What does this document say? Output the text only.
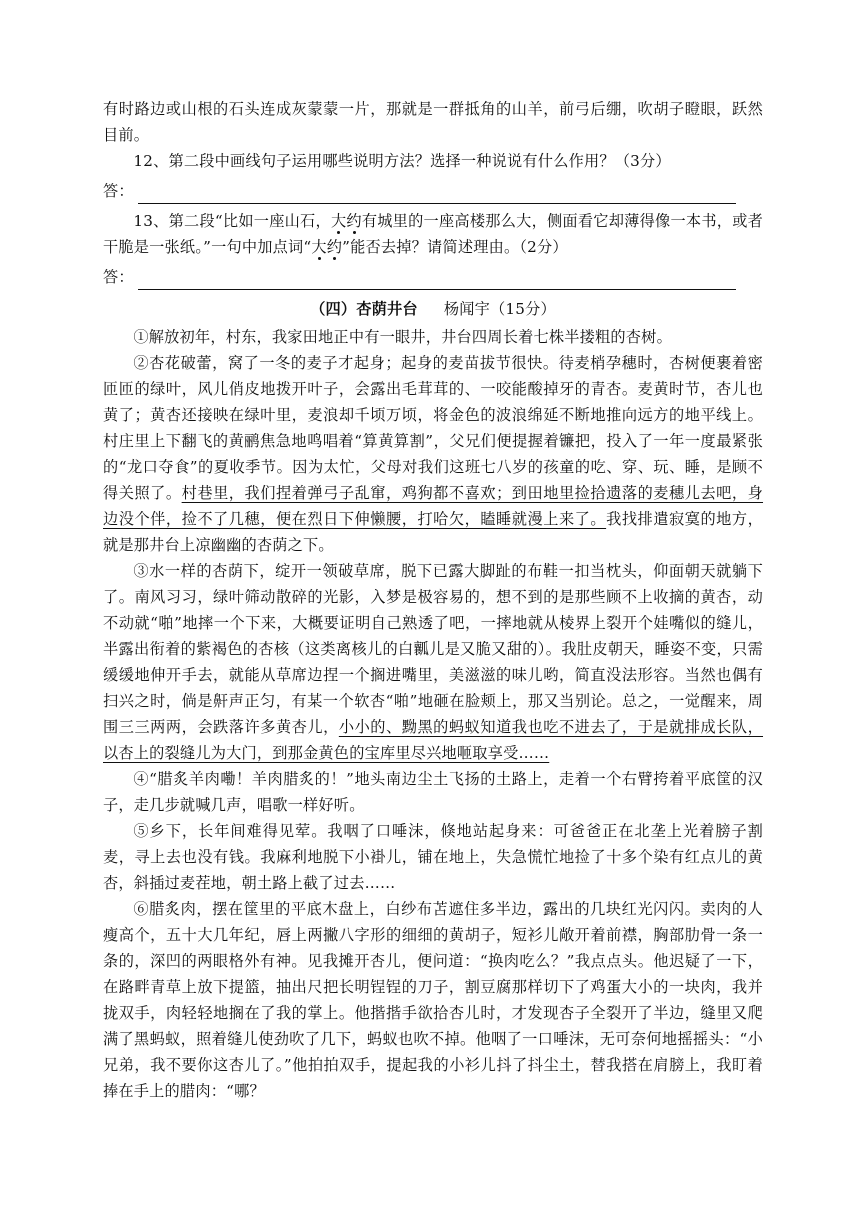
有时路边或山根的石头连成灰蒙蒙一片，那就是一群抵角的山羊，前弓后绷，吹胡子瞪眼，跃然目前。

12、第二段中画线句子运用哪些说明方法？选择一种说说有什么作用？（3分）

答：

13、第二段“比如一座山石，大约有城里的一座高楼那么大，侧面看它却薄得像一本书，或者干脆是一张纸。”一句中加点词“大约”能否去掉？请简述理由。（2分）

答：
（四）杏荫井台 杨闻宇（15分）

①解放初年，村东，我家田地正中有一眼井，井台四周长着七株半搂粗的杏树。

②杏花破蕾，窝了一冬的麦子才起身；起身的麦苗拔节很快。待麦梢孕穗时，杏树便裹着密匝匝的绿叶，风儿俏皮地拨开叶子，会露出毛茸茸的、一咬能酸掉牙的青杏。麦黄时节，杏儿也黄了；黄杏还接映在绿叶里，麦浪却千顷万顷，将金色的波浪绵延不断地推向远方的地平线上。村庄里上下翻飞的黄鹂焦急地鸣唱着“算黄算割”，父兄们便提握着镰把，投入了一年一度最紧张的“龙口夺食”的夏收季节。因为太忙，父母对我们这班七八岁的孩童的吃、穿、玩、睡，是顾不得关照了。村巷里，我们捏着弹弓子乱窜，鸡狗都不喜欢；到田地里捡拾遗落的麦穗儿去吧，身边没个伴，捡不了几穗，便在烈日下伸懒腰，打哈欠，瞌睡就漫上来了。我找排遣寂寞的地方，就是那井台上凉幽幽的杏荫之下。

③水一样的杏荫下，绽开一领破草席，脱下已露大脚趾的布鞋一扣当枕头，仰面朝天就躺下了。南风习习，绿叶筛动散碎的光影，入梦是极容易的，想不到的是那些顾不上收摘的黄杏，动不动就“啪”地摔一个下来，大概要证明自己熟透了吧，一摔地就从棱界上裂开个娃嘴似的缝儿，半露出衔着的紫褐色的杏核（这类离核儿的白瓤儿是又脆又甜的）。我肚皮朝天，睡姿不变，只需缓缓地伸开手去，就能从草席边捏一个搁进嘴里，美滋滋的味儿哟，简直没法形容。当然也偶有扫兴之时，倘是鼾声正匀，有某一个软杏“啪”地砸在脸颊上，那又当别论。总之，一觉醒来，周围三三两两，会跌落许多黄杏儿，小小的、黝黑的蚂蚁知道我也吃不进去了，于是就排成长队，以杏上的裂缝儿为大门，到那金黄色的宝库里尽兴地咂取享受……

④“腊炙羊肉嘞！羊肉腊炙的！”地头南边尘土飞扬的土路上，走着一个右臂挎着平底筐的汉子，走几步就喊几声，唱歌一样好听。

⑤乡下，长年间难得见荤。我咽了口唾沫，倏地站起身来：可爸爸正在北垄上光着膀子割麦，寻上去也没有钱。我麻利地脱下小褂儿，铺在地上，失急慌忙地捡了十多个染有红点儿的黄杏，斜插过麦茬地，朝土路上截了过去……

⑥腊炙肉，摆在筐里的平底木盘上，白纱布苫遮住多半边，露出的几块红光闪闪。卖肉的人瘦高个，五十大几年纪，唇上两撇八字形的细细的黄胡子，短衫儿敞开着前襟，胸部肋骨一条一条的，深凹的两眼格外有神。见我摊开杏儿，便问道：“换肉吃么？”我点点头。他迟疑了一下，在路畔青草上放下提篮，抽出尺把长明锃锃的刀子，割豆腐那样切下了鸡蛋大小的一块肉，我并拢双手，肉轻轻地搁在了我的掌上。他揩揩手欲拾杏儿时，才发现杏子全裂开了半边，缝里又爬满了黑蚂蚁，照着缝儿使劲吹了几下，蚂蚁也吹不掉。他咽了一口唾沫，无可奈何地摇摇头：“小兄弟，我不要你这杏儿了。”他拍拍双手，提起我的小衫儿抖了抖尘土，替我搭在肩膀上，我盯着捧在手上的腊肉：“哪？
